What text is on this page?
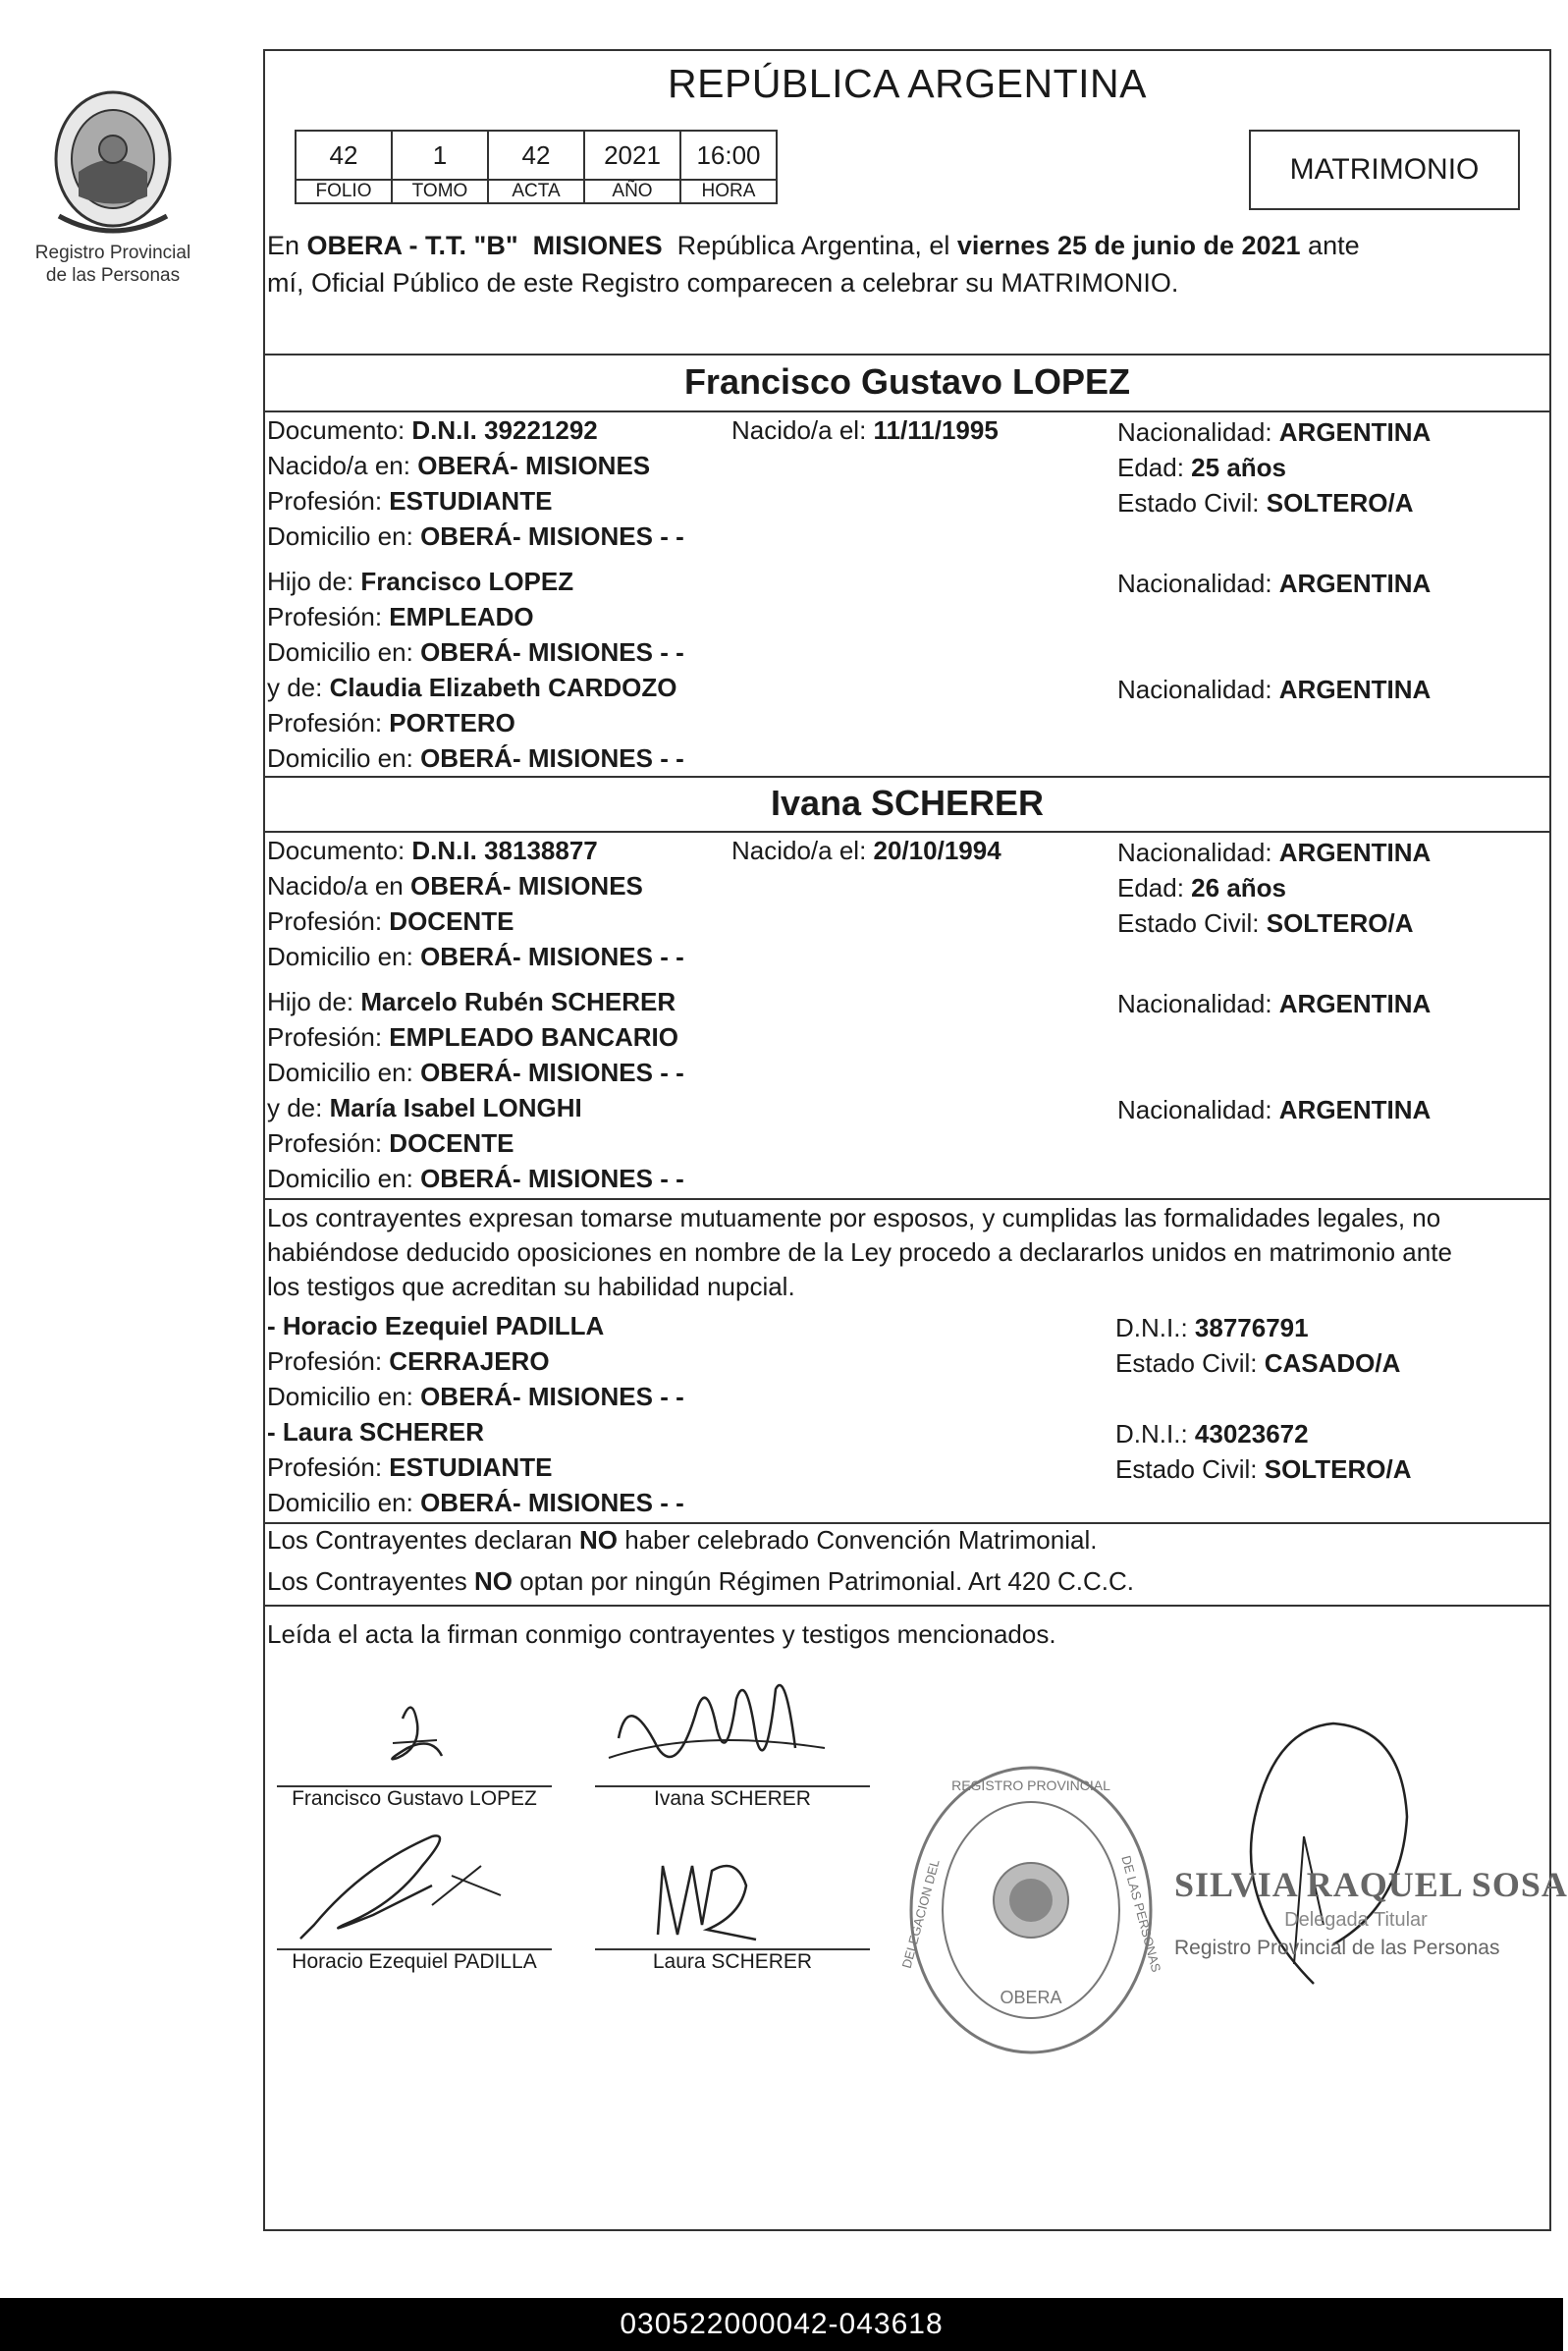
Registro Provincial
de las Personas
REPÚBLICA ARGENTINA
42	1	42	2021	16:00
FOLIO	TOMO	ACTA	AÑO	HORA
MATRIMONIO
En OBERA - T.T. "B"  MISIONES  República Argentina, el viernes 25 de junio de 2021 ante
mí, Oficial Público de este Registro comparecen a celebrar su MATRIMONIO.
Francisco Gustavo LOPEZ
Documento: D.N.I. 39221292	Nacido/a el: 11/11/1995	Nacionalidad: ARGENTINA
Nacido/a en: OBERÁ- MISIONES	Edad: 25 años
Profesión: ESTUDIANTE	Estado Civil: SOLTERO/A
Domicilio en: OBERÁ- MISIONES - -
Hijo de: Francisco LOPEZ	Nacionalidad: ARGENTINA
Profesión: EMPLEADO
Domicilio en: OBERÁ- MISIONES - -
y de: Claudia Elizabeth CARDOZO	Nacionalidad: ARGENTINA
Profesión: PORTERO
Domicilio en: OBERÁ- MISIONES - -
Ivana SCHERER
Documento: D.N.I. 38138877	Nacido/a el: 20/10/1994	Nacionalidad: ARGENTINA
Nacido/a en OBERÁ- MISIONES	Edad: 26 años
Profesión: DOCENTE	Estado Civil: SOLTERO/A
Domicilio en: OBERÁ- MISIONES - -
Hijo de: Marcelo Rubén SCHERER	Nacionalidad: ARGENTINA
Profesión: EMPLEADO BANCARIO
Domicilio en: OBERÁ- MISIONES - -
y de: María Isabel LONGHI	Nacionalidad: ARGENTINA
Profesión: DOCENTE
Domicilio en: OBERÁ- MISIONES - -
Los contrayentes expresan tomarse mutuamente por esposos, y cumplidas las formalidades legales, no
habiéndose deducido oposiciones en nombre de la Ley procedo a declararlos unidos en matrimonio ante
los testigos que acreditan su habilidad nupcial.
- Horacio Ezequiel PADILLA	D.N.I.: 38776791
Profesión: CERRAJERO	Estado Civil: CASADO/A
Domicilio en: OBERÁ- MISIONES - -
- Laura SCHERER	D.N.I.: 43023672
Profesión: ESTUDIANTE	Estado Civil: SOLTERO/A
Domicilio en: OBERÁ- MISIONES - -
Los Contrayentes declaran NO haber celebrado Convención Matrimonial.
Los Contrayentes NO optan por ningún Régimen Patrimonial. Art 420 C.C.C.
Leída el acta la firman conmigo contrayentes y testigos mencionados.
Francisco Gustavo LOPEZ	Ivana SCHERER
Horacio Ezequiel PADILLA	Laura SCHERER
OBERA
REGISTRO PROVINCIAL
DELEGACION DEL	DE LAS PERSONAS SILVIA RAQUEL SOSA
Delegada Titular
Registro Provincial de las Personas
030522000042-043618
